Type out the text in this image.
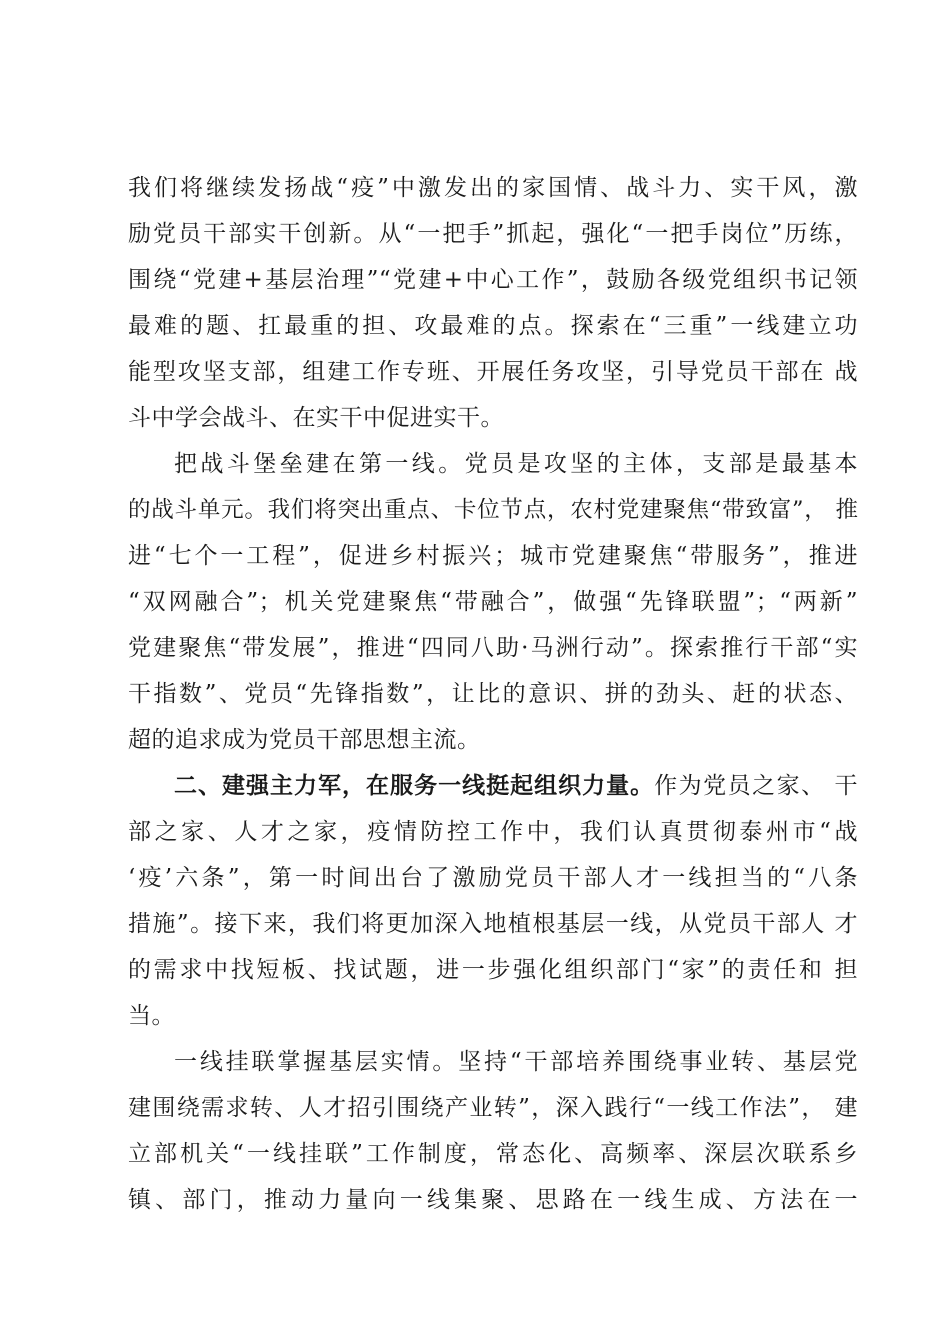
我们将继续发扬战“疫”中激发出的家国情、战斗力、实干风，激
励党员干部实干创新。从“一把手”抓起，强化“一把手岗位”历练，
围绕“党建+基层治理”“党建+中心工作”，鼓励各级党组织书记领
最难的题、扛最重的担、攻最难的点。探索在“三重”一线建立功
能型攻坚支部，组建工作专班、开展任务攻坚，引导党员干部在 战
斗中学会战斗、在实干中促进实干。
把战斗堡垒建在第一线。党员是攻坚的主体，支部是最基本
的战斗单元。我们将突出重点、卡位节点，农村党建聚焦“带致富”， 推
进“七个一工程”，促进乡村振兴；城市党建聚焦“带服务”，推进
“双网融合”；机关党建聚焦“带融合”，做强“先锋联盟”；“两新”
党建聚焦“带发展”，推进“四同八助·马洲行动”。探索推行干部“实
干指数”、党员“先锋指数”，让比的意识、拼的劲头、赶的状态、
超的追求成为党员干部思想主流。
二、建强主力军，在服务一线挺起组织力量。作为党员之家、 干
部之家、人才之家，疫情防控工作中，我们认真贯彻泰州市“战
‘疫’六条”，第一时间出台了激励党员干部人才一线担当的“八条
措施”。接下来，我们将更加深入地植根基层一线，从党员干部人 才
的需求中找短板、找试题，进一步强化组织部门“家”的责任和 担
当。
一线挂联掌握基层实情。坚持“干部培养围绕事业转、基层党
建围绕需求转、人才招引围绕产业转”，深入践行“一线工作法”， 建
立部机关“一线挂联”工作制度，常态化、高频率、深层次联系乡
镇、部门，推动力量向一线集聚、思路在一线生成、方法在一
